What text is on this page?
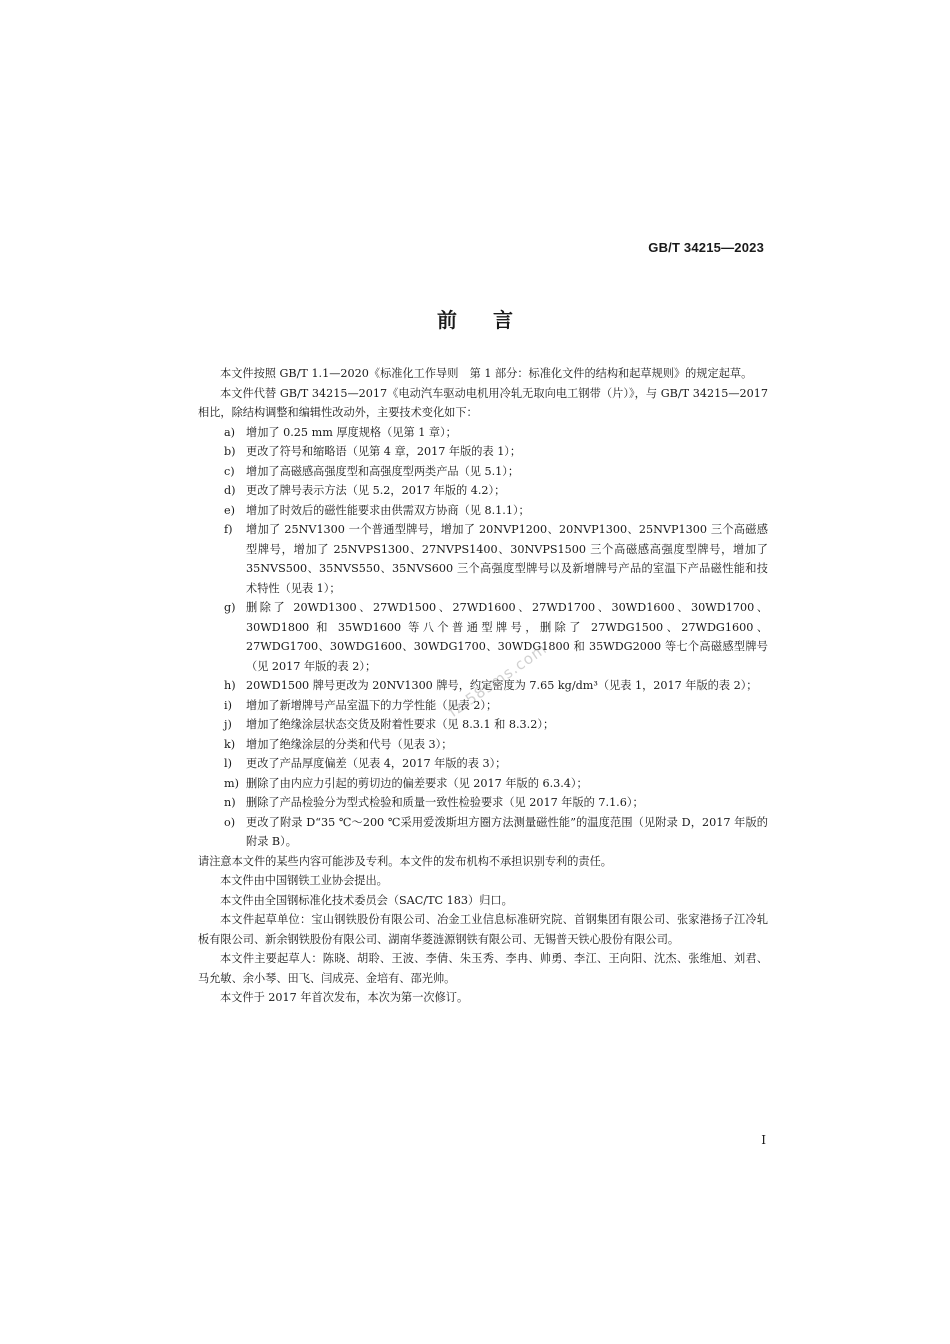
GB/T 34215—2023
前 言

本文件按照 GB/T 1.1—2020《标准化工作导则　第 1 部分：标准化文件的结构和起草规则》的规定起草。

本文件代替 GB/T 34215—2017《电动汽车驱动电机用冷轧无取向电工钢带（片）》，与 GB/T 34215—2017 相比，除结构调整和编辑性改动外，主要技术变化如下：

a) 增加了 0.25 mm 厚度规格（见第 1 章）；

b) 更改了符号和缩略语（见第 4 章，2017 年版的表 1）；

c) 增加了高磁感高强度型和高强度型两类产品（见 5.1）；

d) 更改了牌号表示方法（见 5.2，2017 年版的 4.2）；

e) 增加了时效后的磁性能要求由供需双方协商（见 8.1.1）；

f) 增加了 25NV1300 一个普通型牌号，增加了 20NVP1200、20NVP1300、25NVP1300 三个高磁感型牌号，增加了 25NVPS1300、27NVPS1400、30NVPS1500 三个高磁感高强度型牌号，增加了 35NVS500、35NVS550、35NVS600 三个高强度型牌号以及新增牌号产品的室温下产品磁性能和技术特性（见表 1）；

g) 删除了 20WD1300、27WD1500、27WD1600、27WD1700、30WD1600、30WD1700、30WD1800 和 35WD1600 等八个普通型牌号，删除了 27WDG1500、27WDG1600、27WDG1700、30WDG1600、30WDG1700、30WDG1800 和 35WDG2000 等七个高磁感型牌号（见 2017 年版的表 2）；

h) 20WD1500 牌号更改为 20NV1300 牌号，约定密度为 7.65 kg/dm³（见表 1，2017 年版的表 2）；

i) 增加了新增牌号产品室温下的力学性能（见表 2）；

j) 增加了绝缘涂层状态交货及附着性要求（见 8.3.1 和 8.3.2）；

k) 增加了绝缘涂层的分类和代号（见表 3）；

l) 更改了产品厚度偏差（见表 4，2017 年版的表 3）；

m) 删除了由内应力引起的剪切边的偏差要求（见 2017 年版的 6.3.4）；

n) 删除了产品检验分为型式检验和质量一致性检验要求（见 2017 年版的 7.1.6）；

o) 更改了附录 D“35 ℃～200 ℃采用爱泼斯坦方圈方法测量磁性能”的温度范围（见附录 D，2017 年版的附录 B）。

请注意本文件的某些内容可能涉及专利。本文件的发布机构不承担识别专利的责任。

本文件由中国钢铁工业协会提出。

本文件由全国钢标准化技术委员会（SAC/TC 183）归口。

本文件起草单位：宝山钢铁股份有限公司、冶金工业信息标准研究院、首钢集团有限公司、张家港扬子江冷轧板有限公司、新余钢铁股份有限公司、湖南华菱涟源钢铁有限公司、无锡普天铁心股份有限公司。

本文件主要起草人：陈晓、胡聆、王波、李倩、朱玉秀、李冉、帅勇、李江、王向阳、沈杰、张维旭、刘君、马允敏、余小琴、田飞、闫成亮、金培有、邵光帅。

本文件于 2017 年首次发布，本次为第一次修订。

fz.58sms.com
I
